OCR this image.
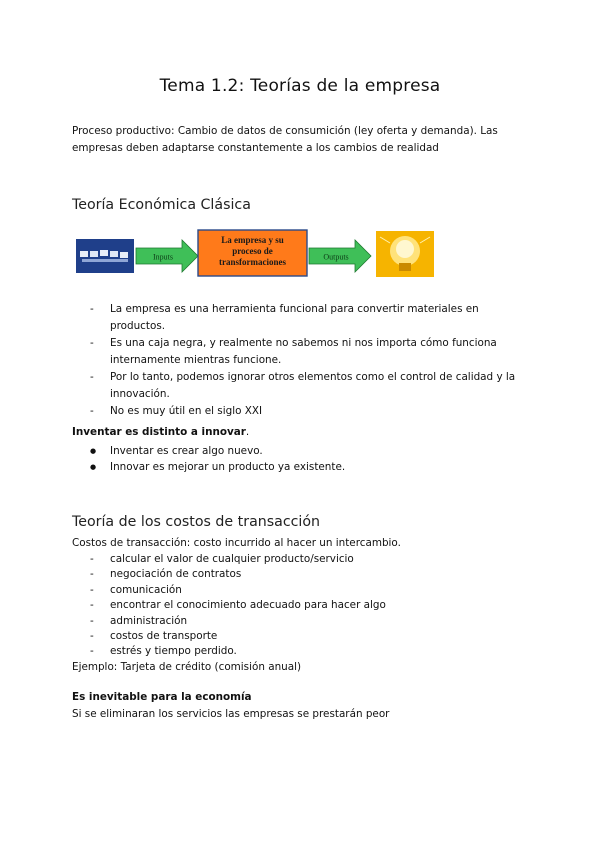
Tema 1.2: Teorías de la empresa
Proceso productivo: Cambio de datos de consumición (ley oferta y demanda). Las
empresas deben adaptarse constantemente a los cambios de realidad
Teoría Económica Clásica
Inputs
La empresa y su
proceso de
transformaciones	Outputs
- La empresa es una herramienta funcional para convertir materiales en productos.
- Es una caja negra, y realmente no sabemos ni nos importa cómo funciona
internamente mientras funcione.
- Por lo tanto, podemos ignorar otros elementos como el control de calidad y la
innovación.
- No es muy útil en el siglo XXI
Inventar es distinto a innovar.
● Inventar es crear algo nuevo.
● Innovar es mejorar un producto ya existente.
Teoría de los costos de transacción
Costos de transacción: costo incurrido al hacer un intercambio.
- calcular el valor de cualquier producto/servicio
- negociación de contratos
- comunicación
- encontrar el conocimiento adecuado para hacer algo
- administración
- costos de transporte
- estrés y tiempo perdido.
Ejemplo: Tarjeta de crédito (comisión anual)
Es inevitable para la economía
Si se eliminaran los servicios las empresas se prestarán peor
